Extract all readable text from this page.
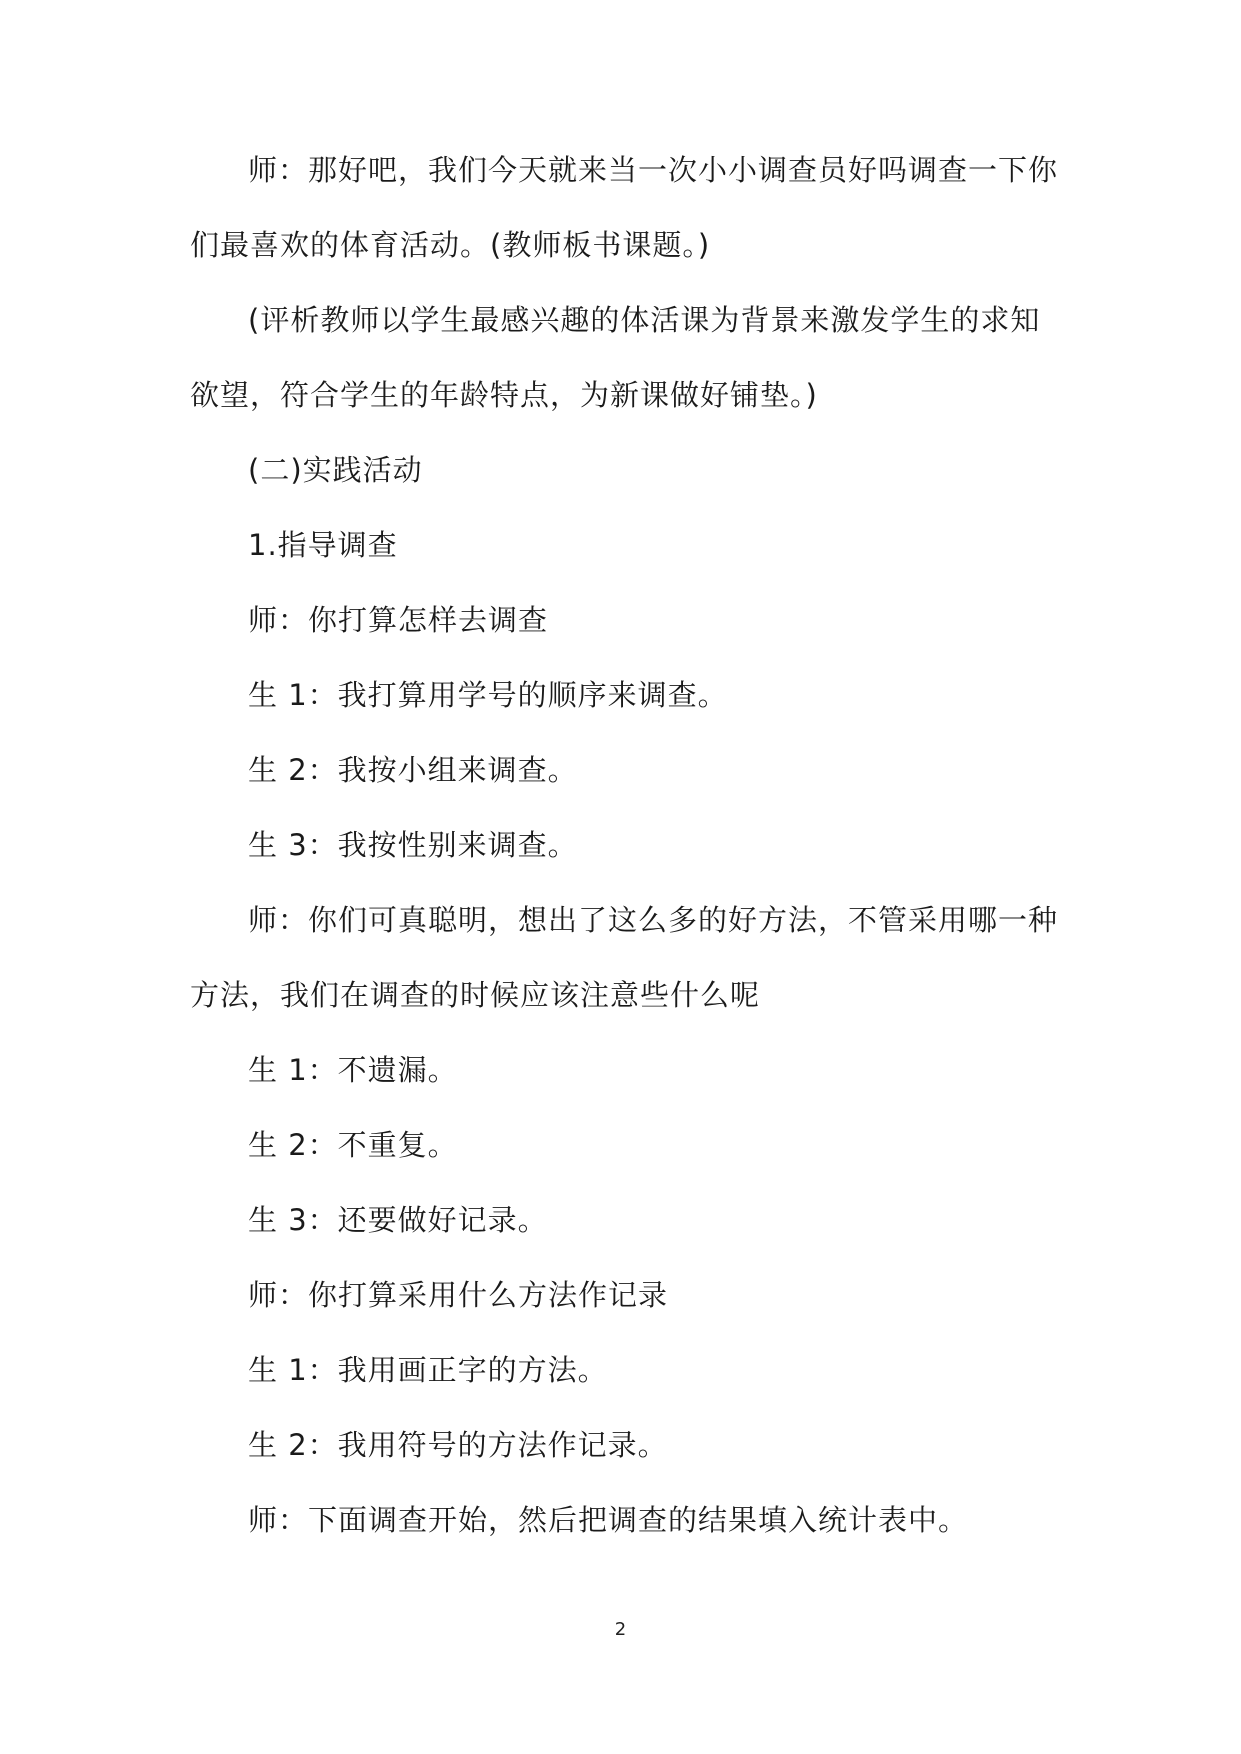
师：那好吧，我们今天就来当一次小小调查员好吗调查一下你们最喜欢的体育活动。(教师板书课题。)

(评析教师以学生最感兴趣的体活课为背景来激发学生的求知欲望，符合学生的年龄特点，为新课做好铺垫。)

(二)实践活动

1.指导调查

师：你打算怎样去调查

生 1：我打算用学号的顺序来调查。

生 2：我按小组来调查。

生 3：我按性别来调查。

师：你们可真聪明，想出了这么多的好方法，不管采用哪一种方法，我们在调查的时候应该注意些什么呢

生 1：不遗漏。

生 2：不重复。

生 3：还要做好记录。

师：你打算采用什么方法作记录

生 1：我用画正字的方法。

生 2：我用符号的方法作记录。

师：下面调查开始，然后把调查的结果填入统计表中。

2
